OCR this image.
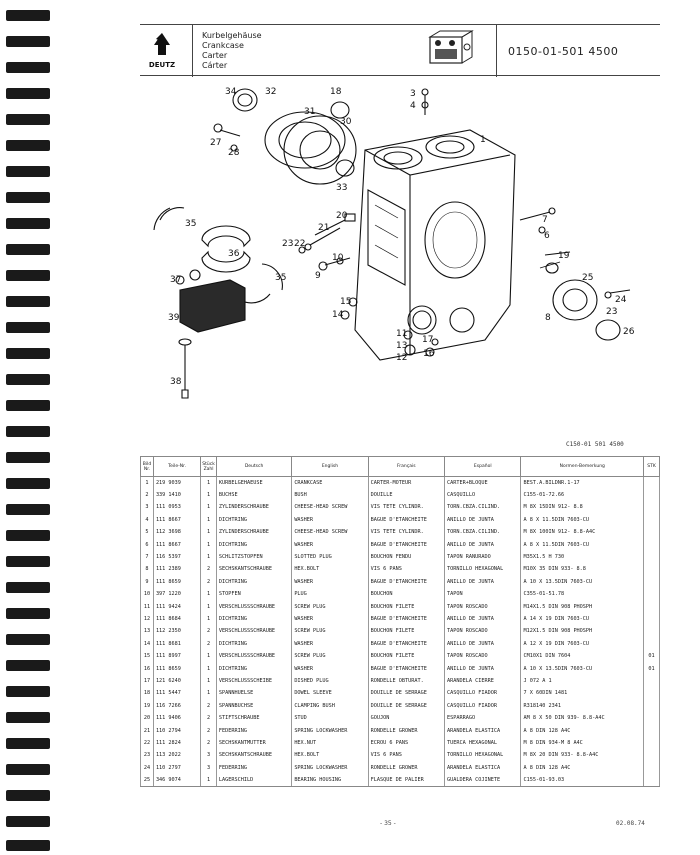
DEUTZ
Kurbelgehäuse
Crankcase
Carter
Cárter
0150-01-501 4500
34	32
31
18
30
33
27
28
3
4
1
20
21
23 22
10
9
15
14
11
13
12
17
16
7
6
19
25
8
24
23
26
35
35
36
37
39
38
C150-01 501 4500
Bild Nr.	Teile-Nr.	Stück Zahl	Deutsch	English	Français	Español	Normen-Bemerkung	STK
1	219 9039	1	KURBELGEHAEUSE	CRANKCASE	CARTER-MOTEUR	CARTER+BLOQUE	BEST.A.BILDNR.1-17	
2	339 1410	1	BUCHSE	BUSH	DOUILLE	CASQUILLO	C155-01-72.66	
3	111 0953	1	ZYLINDERSCHRAUBE	CHEESE-HEAD SCREW	VIS TETE CYLINDR.	TORN.CBZA.CILIND.	M 8X 15DIN 912- 8.8	
4	111 8667	1	DICHTRING	WASHER	BAGUE D'ETANCHEITE	ANILLO DE JUNTA	A 8 X 11.5DIN 7603-CU	
5	112 3698	1	ZYLINDERSCHRAUBE	CHEESE-HEAD SCREW	VIS TETE CYLINDR.	TORN.CBZA.CILIND.	M 8X 100IN 912- 8.8-A4C	
6	111 8667	1	DICHTRING	WASHER	BAGUE D'ETANCHEITE	ANILLO DE JUNTA	A 8 X 11.5DIN 7603-CU	
7	116 5397	1	SCHLITZSTOPFEN	SLOTTED PLUG	BOUCHON FENDU	TAPON RANURADO	M35X1.5 H 730	
8	111 2389	2	SECHSKANTSCHRAUBE	HEX.BOLT	VIS 6 PANS	TORNILLO HEXAGONAL	M10X 35 DIN 933- 8.8	
9	111 8659	2	DICHTRING	WASHER	BAGUE D'ETANCHEITE	ANILLO DE JUNTA	A 10 X 13.5DIN 7603-CU	
10	397 1220	1	STOPFEN	PLUG	BOUCHON	TAPON	C355-01-51.78	
11	111 9424	1	VERSCHLUSSSCHRAUBE	SCREW PLUG	BOUCHON FILETE	TAPON ROSCADO	M14X1.5 DIN 908 PHOSPH	
12	111 8684	1	DICHTRING	WASHER	BAGUE D'ETANCHEITE	ANILLO DE JUNTA	A 14 X 19 DIN 7603-CU	
13	112 2350	2	VERSCHLUSSSCHRAUBE	SCREW PLUG	BOUCHON FILETE	TAPON ROSCADO	M12X1.5 DIN 908 PHOSPH	
14	111 8681	2	DICHTRING	WASHER	BAGUE D'ETANCHEITE	ANILLO DE JUNTA	A 12 X 19 DIN 7603-CU	
15	111 8997	1	VERSCHLUSSSCHRAUBE	SCREW PLUG	BOUCHON FILETE	TAPON ROSCADO	CM10X1 DIN 7604	01
16	111 8659	1	DICHTRING	WASHER	BAGUE D'ETANCHEITE	ANILLO DE JUNTA	A 10 X 13.5DIN 7603-CU	01
17	121 6240	1	VERSCHLUSSSCHEIBE	DISHED PLUG	RONDELLE OBTURAT.	ARANDELA CIERRE	J 072 A 1	
18	111 5447	1	SPANNHUELSE	DOWEL SLEEVE	DOUILLE DE SERRAGE	CASQUILLO FIADOR	7 X 60DIN 1481	
19	116 7266	2	SPANNBUCHSE	CLAMPING BUSH	DOUILLE DE SERRAGE	CASQUILLO FIADOR	R318140 2341	
20	111 9406	2	STIFTSCHRAUBE	STUD	GOUJON	ESPARRAGO	AM 8 X 50 DIN 939- 8.8-A4C	
21	110 2794	2	FEDERRING	SPRING LOCKWASHER	RONDELLE GROWER	ARANDELA ELASTICA	A 8 DIN 128 A4C	
22	111 2824	2	SECHSKANTMUTTER	HEX.NUT	ECROU 6 PANS	TUERCA HEXAGONAL	M 8 DIN 934-M 8 A4C	
23	113 2022	3	SECHSKANTSCHRAUBE	HEX.BOLT	VIS 6 PANS	TORNILLO HEXAGONAL	M 8X 20 DIN 933- 8.8-A4C	
24	110 2797	3	FEDERRING	SPRING LOCKWASHER	RONDELLE GROWER	ARANDELA ELASTICA	A 8 DIN 128 A4C	
25	346 9074	1	LAGERSCHILD	BEARING HOUSING	FLASQUE DE PALIER	GUALDERA COJINETE	C155-01-93.03	
- 35 -	02.08.74
